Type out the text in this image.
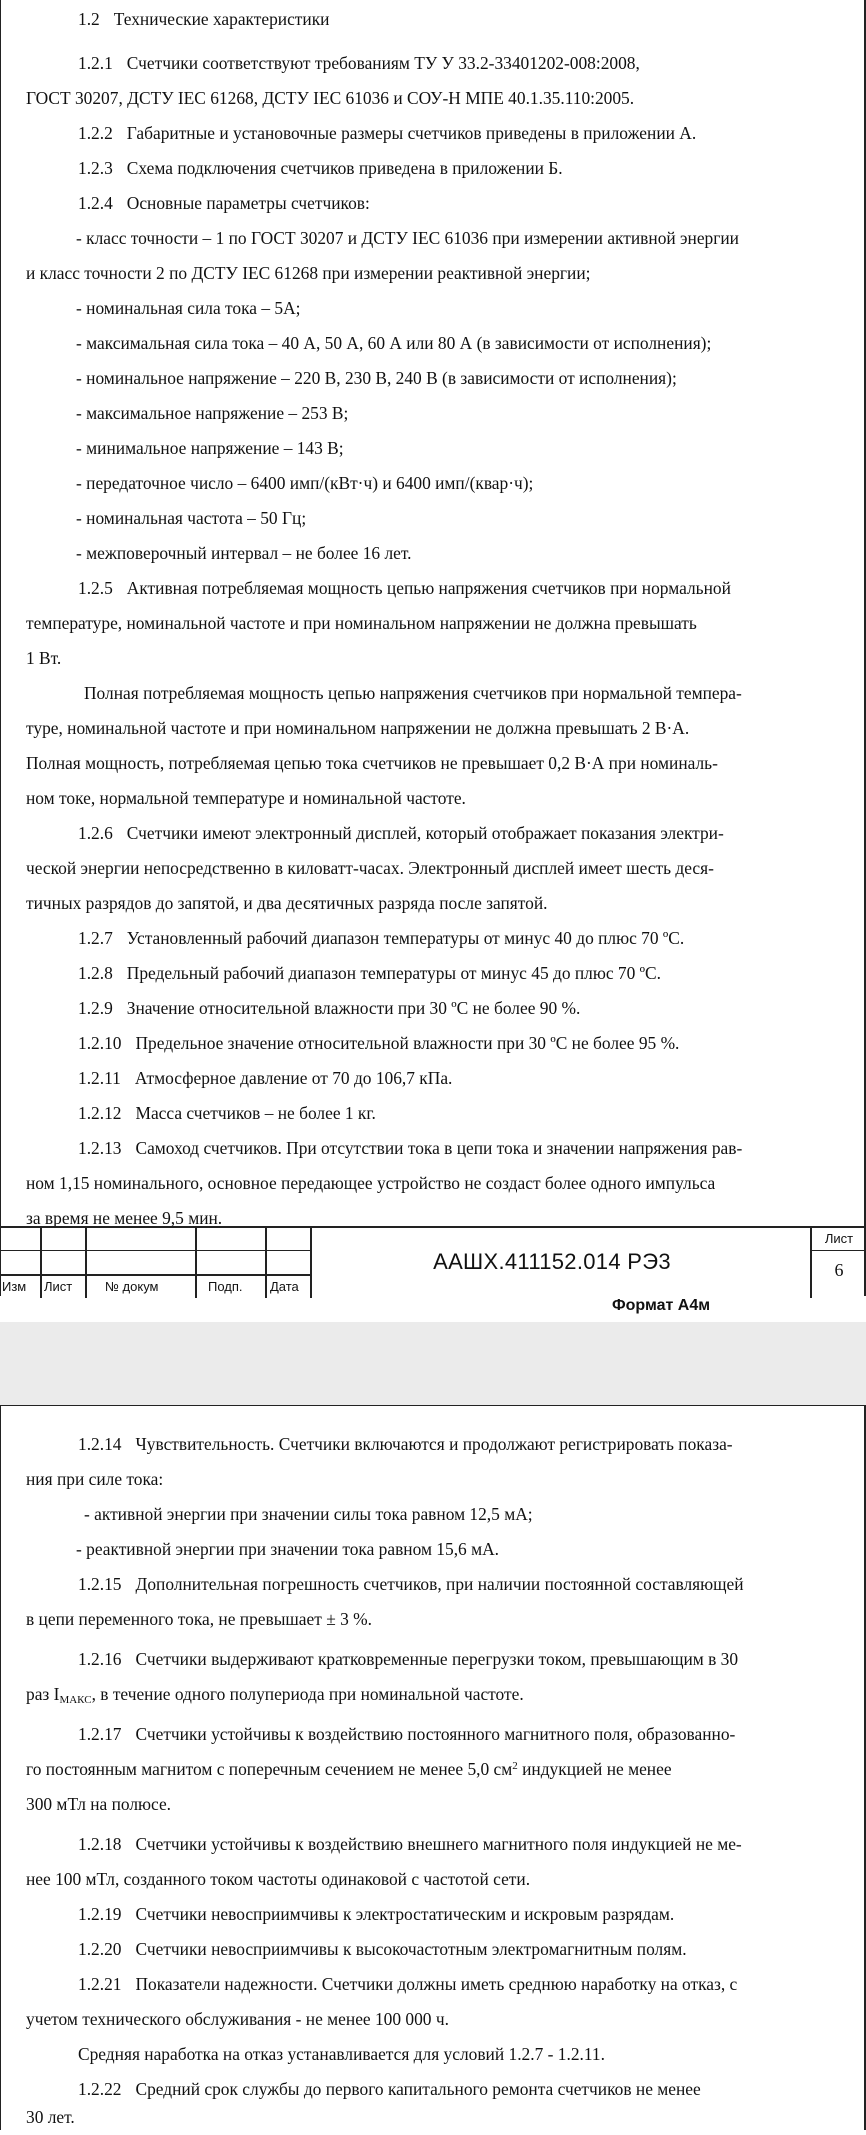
1.2 Технические характеристики

1.2.1 Счетчики соответствуют требованиям ТУ У 33.2-33401202-008:2008,

ГОСТ 30207, ДСТУ IEC 61268, ДСТУ IEC 61036 и СОУ-Н МПЕ 40.1.35.110:2005.

1.2.2 Габаритные и установочные размеры счетчиков приведены в приложении А.

1.2.3 Схема подключения счетчиков приведена в приложении Б.

1.2.4 Основные параметры счетчиков:

- класс точности – 1 по ГОСТ 30207 и ДСТУ IEC 61036 при измерении активной энергии

и класс точности 2 по ДСТУ IEC 61268 при измерении реактивной энергии;

- номинальная сила тока – 5А;

- максимальная сила тока – 40 А, 50 А, 60 А или 80 А (в зависимости от исполнения);

- номинальное напряжение – 220 В, 230 В, 240 В (в зависимости от исполнения);

- максимальное напряжение – 253 В;

- минимальное напряжение – 143 В;

- передаточное число – 6400 имп/(кВт·ч) и 6400 имп/(квар·ч);

- номинальная частота – 50 Гц;

- межповерочный интервал – не более 16 лет.

1.2.5 Активная потребляемая мощность цепью напряжения счетчиков при нормальной

температуре, номинальной частоте и при номинальном напряжении не должна превышать

1 Вт.

Полная потребляемая мощность цепью напряжения счетчиков при нормальной темпера-

туре, номинальной частоте и при номинальном напряжении не должна превышать 2 В·А.

Полная мощность, потребляемая цепью тока счетчиков не превышает 0,2 В·А при номиналь-

ном токе, нормальной температуре и номинальной частоте.

1.2.6 Счетчики имеют электронный дисплей, который отображает показания электри-

ческой энергии непосредственно в киловатт-часах. Электронный дисплей имеет шесть деся-

тичных разрядов до запятой, и два десятичных разряда после запятой.

1.2.7 Установленный рабочий диапазон температуры от минус 40 до плюс 70 ºС.

1.2.8 Предельный рабочий диапазон температуры от минус 45 до плюс 70 ºС.

1.2.9 Значение относительной влажности при 30 ºС не более 90 %.

1.2.10 Предельное значение относительной влажности при 30 ºС не более 95 %.

1.2.11 Атмосферное давление от 70 до 106,7 кПа.

1.2.12 Масса счетчиков – не более 1 кг.

1.2.13 Самоход счетчиков. При отсутствии тока в цепи тока и значении напряжения рав-

ном 1,15 номинального, основное передающее устройство не создаст более одного импульса

за время не менее 9,5 мин.

Изм Лист	№ докум	Подп. Дата
ААШХ.411152.014 РЭ3
Лист
6
Формат А4м

1.2.14 Чувствительность. Счетчики включаются и продолжают регистрировать показа-

ния при силе тока:

- активной энергии при значении силы тока равном 12,5 мА;

- реактивной энергии при значении тока равном 15,6 мА.

1.2.15 Дополнительная погрешность счетчиков, при наличии постоянной составляющей

в цепи переменного тока, не превышает ± 3 %.

1.2.16 Счетчики выдерживают кратковременные перегрузки током, превышающим в 30

раз $I_{МАКС}$, в течение одного полупериода при номинальной частоте.

1.2.17 Счетчики устойчивы к воздействию постоянного магнитного поля, образованно-

го постоянным магнитом с поперечным сечением не менее 5,0 $см^2$ индукцией не менее

300 мТл на полюсе.

1.2.18 Счетчики устойчивы к воздействию внешнего магнитного поля индукцией не ме-

нее 100 мТл, созданного током частоты одинаковой с частотой сети.

1.2.19 Счетчики невосприимчивы к электростатическим и искровым разрядам.

1.2.20 Счетчики невосприимчивы к высокочастотным электромагнитным полям.

1.2.21 Показатели надежности. Счетчики должны иметь среднюю наработку на отказ, с

учетом технического обслуживания - не менее 100 000 ч.

Средняя наработка на отказ устанавливается для условий 1.2.7 - 1.2.11.

1.2.22 Средний срок службы до первого капитального ремонта счетчиков не менее

30 лет.
